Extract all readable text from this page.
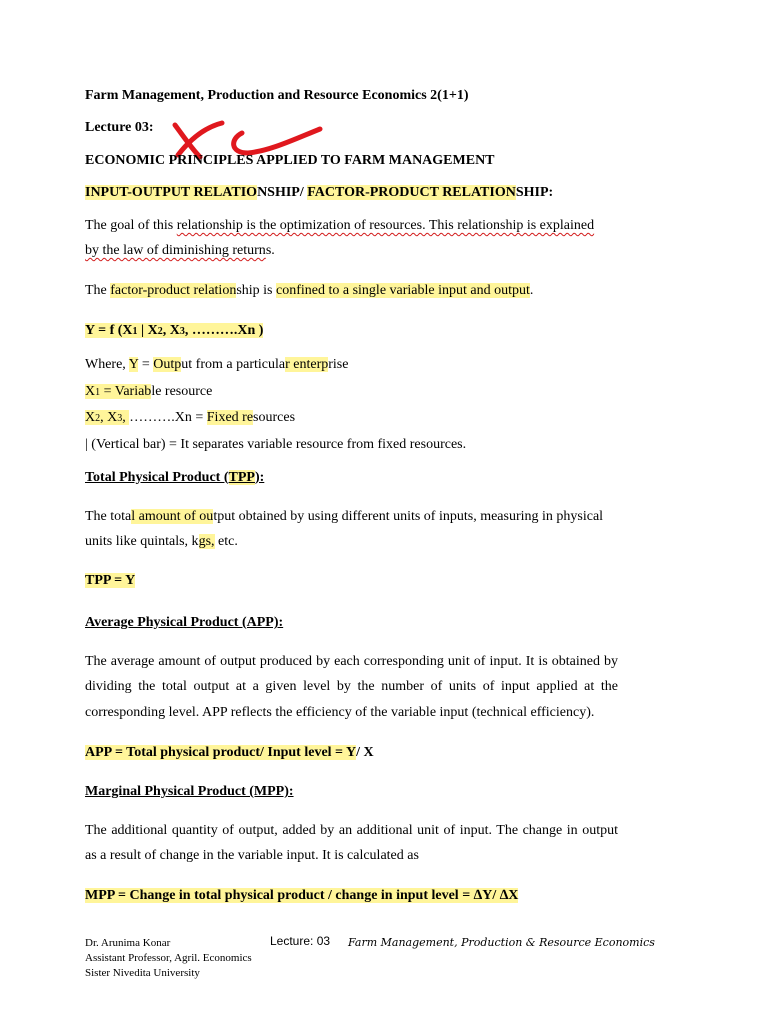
Farm Management, Production and Resource Economics 2(1+1)
Lecture 03:
ECONOMIC PRINCIPLES APPLIED TO FARM MANAGEMENT
INPUT-OUTPUT RELATIONSHIP/ FACTOR-PRODUCT RELATIONSHIP:
The goal of this relationship is the optimization of resources. This relationship is explained
by the law of diminishing returns.
The factor-product relationship is confined to a single variable input and output.
Y = f (X1 | X2, X3, ……….Xn )
Where, Y = Output from a particular enterprise
X1 = Variable resource
X2, X3, ……….Xn = Fixed resources
| (Vertical bar) = It separates variable resource from fixed resources.
Total Physical Product (TPP):
The total amount of output obtained by using different units of inputs, measuring in physical
units like quintals, kgs, etc.
TPP = Y
Average Physical Product (APP):
The average amount of output produced by each corresponding unit of input. It is obtained by
dividing the total output at a given level by the number of units of input applied at the
corresponding level. APP reflects the efficiency of the variable input (technical efficiency).
APP = Total physical product/ Input level = Y/ X
Marginal Physical Product (MPP):
The additional quantity of output, added by an additional unit of input. The change in output
as a result of change in the variable input. It is calculated as
MPP = Change in total physical product / change in input level = ∆Y/ ∆X
Dr. Arunima Konar
Assistant Professor, Agril. Economics
Sister Nivedita University
Lecture: 03 Farm Management, Production & Resource Economics
